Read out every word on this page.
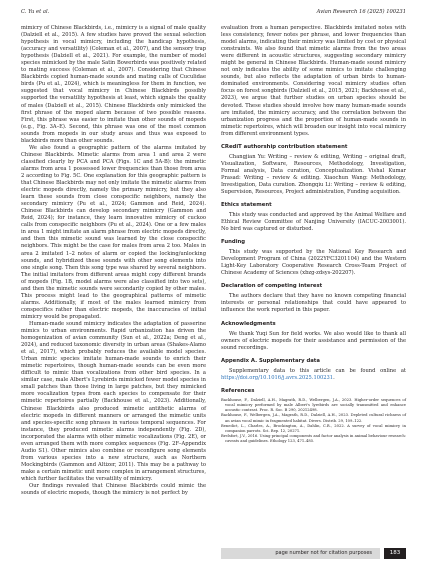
C. Yu et al.	Avian Research 16 (2025) 100231

mimicry of Chinese Blackbirds, i.e., mimicry is a signal of male quality (Dalziell et al., 2015). A few studies have proved the sexual selection hypothesis in vocal mimicry, including the handicap hypothesis, (accuracy and versatility) (Coleman et al., 2007), and the sensory trap hypothesis (Dalziell et al., 2021). For example, the number of model species mimicked by the male Satin Bowerbirds was positively related to mating success (Coleman et al., 2007). Considering that Chinese Blackbirds copied human-made sounds and mating calls of Cuculidae birds (Pu et al., 2024), which is meaningless for them in function, we suggested that vocal mimicry in Chinese Blackbirds possibly supported the versatility hypothesis at least, which signals the quality of males (Dalziell et al., 2015). Chinese Blackbirds only mimicked the first phrase of the moped alarm because of two possible reasons. First, this phrase was easier to imitate than other sounds of mopeds (e.g., Fig. 3A–E). Second, this phrase was one of the most common sounds from mopeds in our study areas and thus was exposed to blackbirds more than other sounds.

We also found a geographic pattern of the alarms imitated by Chinese Blackbirds. Mimetic alarms from area 1 and area 2 were classified clearly by PCA and PCA (Figs. 1C and 5A-B): the mimetic alarms from area 1 possessed lower frequencies than those from area 2 according to Fig. 5C. One explanation for this geographic pattern is that Chinese Blackbirds may not only imitate the mimetic alarms from electric mopeds directly, namely the primary mimicry, but they also learn these sounds from close conspecific neighbors, namely the secondary mimicry (Pu et al., 2024; Gammon and Reid, 2024). Chinese Blackbirds can develop secondary mimicry (Gammon and Reid, 2024); for instance, they learn innovative mimicry of cuckoo calls from conspecific neighbors (Pu et al., 2024). One or a few males in area 1 might imitate an alarm phrase from electric mopeds directly, and then this mimetic sound was learned by the close conspecific neighbors. This might be the case for males from area 2 too. Males in area 2 imitated 1–2 notes of alarm or copied the locking/unlocking sounds, and hybridized these sounds with other song elements into one single song. Then this song type was shared by several neighbors. The initial imitators from different areas might copy different brands of mopeds (Fig. 1B, model alarms were also classified into two sets), and then the mimetic sounds were secondarily copied by other males. This process might lead to the geographical patterns of mimetic alarms. Additionally, if most of the males learned mimicry from conspecifics rather than electric mopeds, the inaccuracies of initial mimicry would be propagated.

Human-made sound mimicry indicates the adaptation of passerine mimics to urban environments. Rapid urbanization has driven the homogenization of avian community (Sun et al., 2022a; Deng et al., 2024), and reduced taxonomic diversity in urban areas (Shakes-Alamo et al., 2017), which probably reduces the available model species. Urban mimic species imitate human-made sounds to enrich their mimetic repertoires, though human-made sounds can be even more difficult to mimic than vocalizations from other bird species. In a similar case, male Albert's Lyrebirds mimicked fewer model species in small patches than those living in large patches, but they mimicked more vocalization types from each species to compensate for their mimetic repertoires partially (Backhouse et al., 2023). Additionally, Chinese Blackbirds also produced mimetic antithetic alarms of electric mopeds in different manners or arranged the mimetic units and species-specific song phrases in various temporal sequences. For instance, they produced mimetic alarms independently (Fig. 2D), incorporated the alarms with other mimetic vocalizations (Fig. 2E), or even arranged them with more complex sequences (Fig. 2F–Appendix Audio S1). Other mimics also combine or reconfigure song elements from various species into a new structure, such as Northern Mockingbirds (Gammon and Altizer, 2011). This may be a pathway to make a certain mimetic unit more complex in arrangement structures, which further facilitates the versatility of mimicry.

Our findings revealed that Chinese Blackbirds could mimic the sounds of electric mopeds, though the mimicry is not perfect by

evaluation from a human perspective. Blackbirds imitated notes with less consistency, fewer notes per phrase, and lower frequencies than model alarms, indicating their mimicry was limited by cost or physical constraints. We also found that mimetic alarms from the two areas were different in acoustic structures, suggesting secondary mimicry might be general in Chinese Blackbirds. Human-made sound mimicry not only indicates the ability of some mimics to imitate challenging sounds, but also reflects the adaptation of urban birds to human-dominated environments. Considering vocal mimicry studies often focus on forest songbirds (Dalziell et al., 2015, 2021; Backhouse et al., 2023), we argue that further studies on urban species should be devoted. These studies should involve how many human-made sounds are imitated, the mimicry accuracy, and the correlation between the urbanization progress and the proportion of human-made sounds in mimetic repertoires, which will broaden our insight into vocal mimicry from different environment types.

CRediT authorship contribution statement

Changjian Yu: Writing – review & editing, Writing – original draft, Visualization, Software, Resources, Methodology, Investigation, Formal analysis, Data curation, Conceptualization. Vishal Kumar Prasad: Writing – review & editing. Xiaochun Wang: Methodology, Investigation, Data curation. Zhongqiu Li: Writing – review & editing, Supervision, Resources, Project administration, Funding acquisition.

Ethics statement

This study was conducted and approved by the Animal Welfare and Ethical Review Committee of Nanjing University (IACUC-2003001). No bird was captured or disturbed.

Funding

This study was supported by the National Key Research and Development Program of China (2022YFC3201104) and the Western Light-Key Laboratory Cooperative Research Cross-Team Project of Chinese Academy of Sciences (xbzg-zdsys-202207).

Declaration of competing interest

The authors declare that they have no known competing financial interests or personal relationships that could have appeared to influence the work reported in this paper.

Acknowledgments

We thank Yuqi Sun for field works. We also would like to thank all owners of electric mopeds for their assistance and permission of the sound recordings.

Appendix A. Supplementary data

Supplementary data to this article can be found online at https://doi.org/10.1016/j.avrs.2025.100231.

References
Backhouse, F., Dalziell, A.H., Magrath, R.D., Welbergen, J.A., 2023. Higher-order sequences of vocal mimicry performed by male Albert's lyrebirds are socially transmitted and enhance acoustic contrast. Proc. R. Soc. B 290, 20212498.
Backhouse, F., Welbergen, J.A., Magrath, R.D., Dalziell, A.H., 2023. Depleted cultural richness of an avian vocal mimic in fragmented habitat. Divers. Distrib. 29, 109–122.
Benedict, L., Charles, A., Brockington, A., Dahlin, C.R., 2022. A survey of vocal mimicry in companion parrots. Sci. Rep. 12, 20271.
Brelsfort, J.V., 2016. Using principal components and factor analysis in animal behaviour research: caveats and guidelines. Ethology 123, 471–485.
page number not for citation purposes	183
